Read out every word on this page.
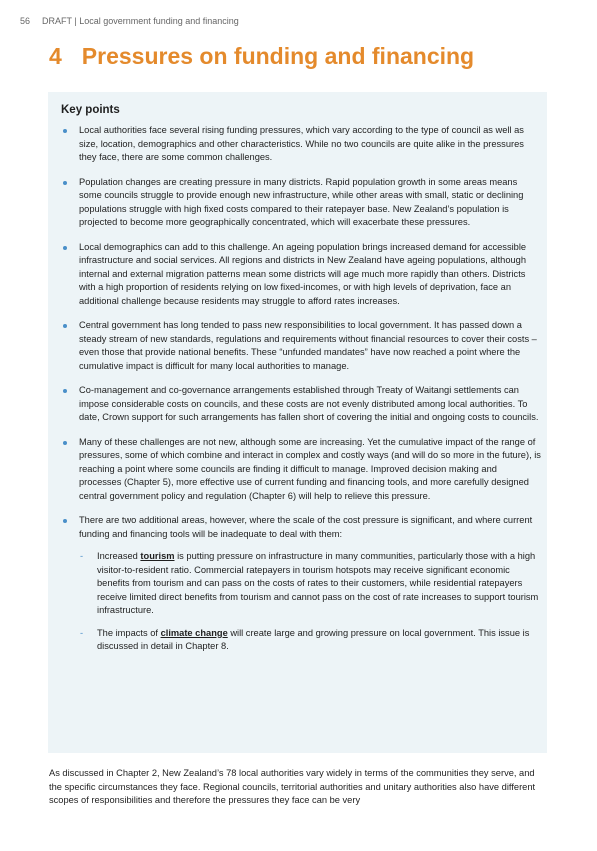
56 DRAFT | Local government funding and financing
4 Pressures on funding and financing
Key points
Local authorities face several rising funding pressures, which vary according to the type of council as well as size, location, demographics and other characteristics. While no two councils are quite alike in the pressures they face, there are some common challenges.
Population changes are creating pressure in many districts. Rapid population growth in some areas means some councils struggle to provide enough new infrastructure, while other areas with small, static or declining populations struggle with high fixed costs compared to their ratepayer base. New Zealand’s population is projected to become more geographically concentrated, which will exacerbate these pressures.
Local demographics can add to this challenge. An ageing population brings increased demand for accessible infrastructure and social services. All regions and districts in New Zealand have ageing populations, although internal and external migration patterns mean some districts will age much more rapidly than others. Districts with a high proportion of residents relying on low fixed-incomes, or with high levels of deprivation, face an additional challenge because residents may struggle to afford rates increases.
Central government has long tended to pass new responsibilities to local government. It has passed down a steady stream of new standards, regulations and requirements without financial resources to cover their costs – even those that provide national benefits. These “unfunded mandates” have now reached a point where the cumulative impact is difficult for many local authorities to manage.
Co-management and co-governance arrangements established through Treaty of Waitangi settlements can impose considerable costs on councils, and these costs are not evenly distributed among local authorities. To date, Crown support for such arrangements has fallen short of covering the initial and ongoing costs to councils.
Many of these challenges are not new, although some are increasing. Yet the cumulative impact of the range of pressures, some of which combine and interact in complex and costly ways (and will do so more in the future), is reaching a point where some councils are finding it difficult to manage. Improved decision making and processes (Chapter 5), more effective use of current funding and financing tools, and more carefully designed central government policy and regulation (Chapter 6) will help to relieve this pressure.
There are two additional areas, however, where the scale of the cost pressure is significant, and where current funding and financing tools will be inadequate to deal with them:
- Increased tourism is putting pressure on infrastructure in many communities, particularly those with a high visitor-to-resident ratio. Commercial ratepayers in tourism hotspots may receive significant economic benefits from tourism and can pass on the costs of rates to their customers, while residential ratepayers receive limited direct benefits from tourism and cannot pass on the cost of rate increases to support tourism infrastructure.
- The impacts of climate change will create large and growing pressure on local government. This issue is discussed in detail in Chapter 8.

As discussed in Chapter 2, New Zealand’s 78 local authorities vary widely in terms of the communities they serve, and the specific circumstances they face. Regional councils, territorial authorities and unitary authorities also have different scopes of responsibilities and therefore the pressures they face can be very
